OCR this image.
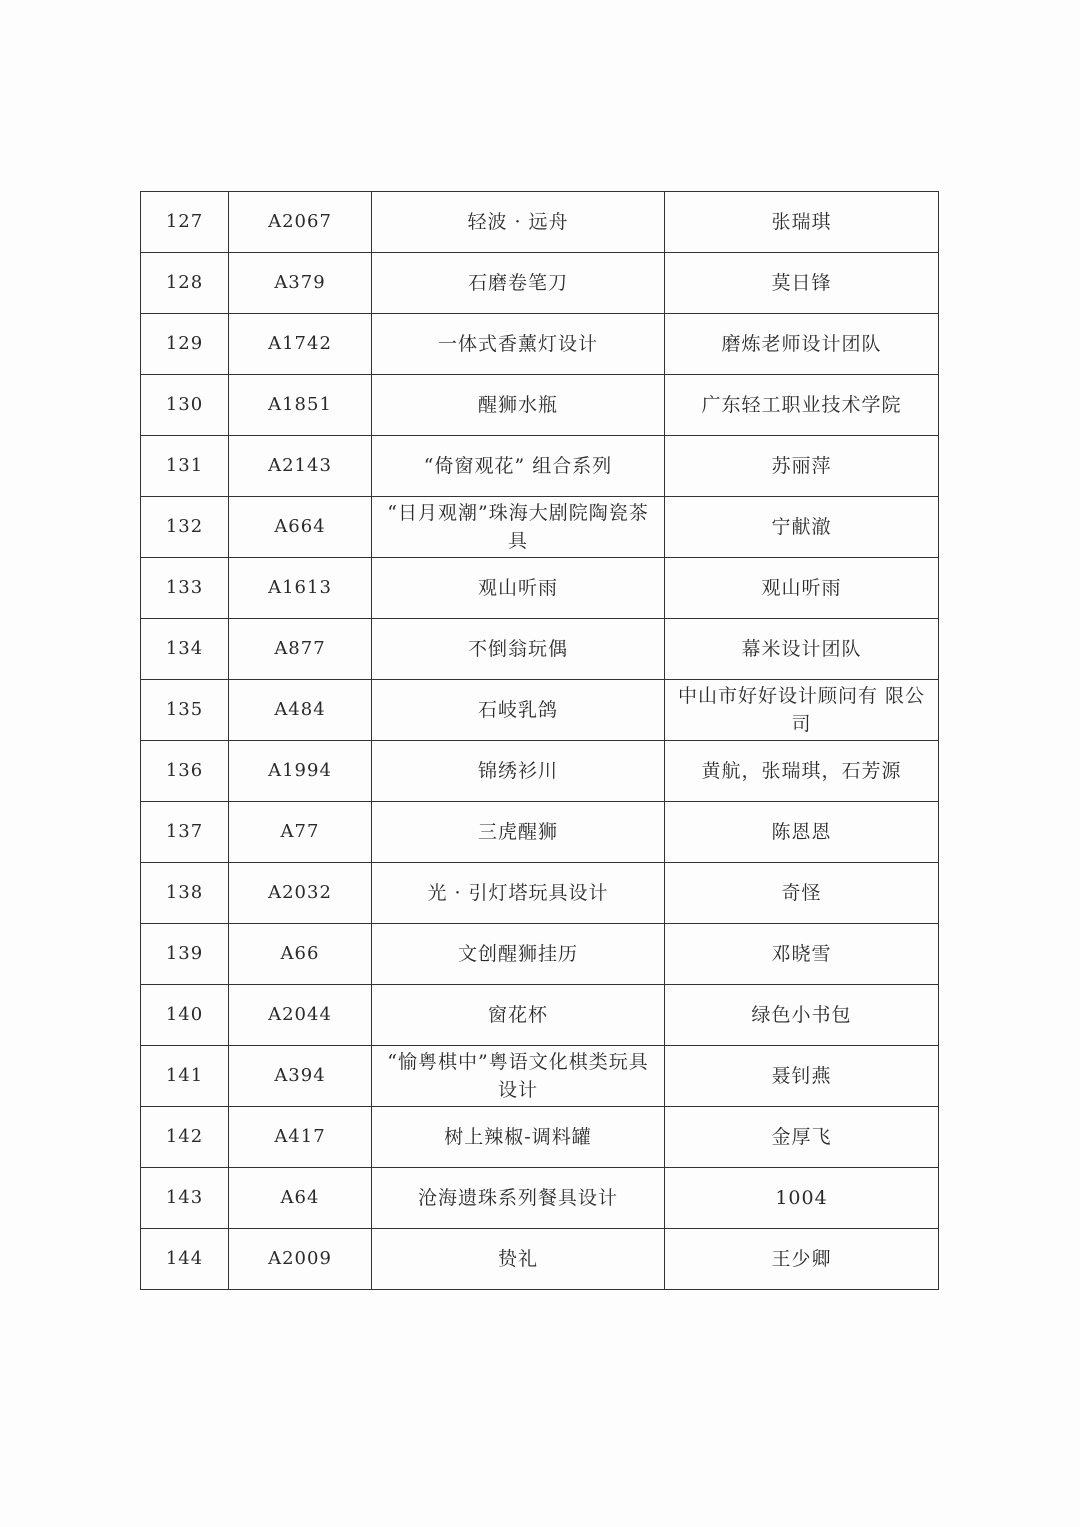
127	A2067	轻波 · 远舟	张瑞琪
128	A379	石磨卷笔刀	莫日锋
129	A1742	一体式香薰灯设计	磨炼老师设计团队
130	A1851	醒狮水瓶	广东轻工职业技术学院
131	A2143	“倚窗观花” 组合系列	苏丽萍
132	A664	“日月观潮”珠海大剧院陶瓷茶具	宁献澈
133	A1613	观山听雨	观山听雨
134	A877	不倒翁玩偶	幕米设计团队
135	A484	石岐乳鸽	中山市好好设计顾问有 限公司
136	A1994	锦绣衫川	黄航，张瑞琪，石芳源
137	A77	三虎醒狮	陈恩恩
138	A2032	光 · 引灯塔玩具设计	奇怪
139	A66	文创醒狮挂历	邓晓雪
140	A2044	窗花杯	绿色小书包
141	A394	“愉粤棋中”粤语文化棋类玩具设计	聂钊燕
142	A417	树上辣椒-调料罐	金厚飞
143	A64	沧海遗珠系列餐具设计	1004
144	A2009	贽礼	王少卿
